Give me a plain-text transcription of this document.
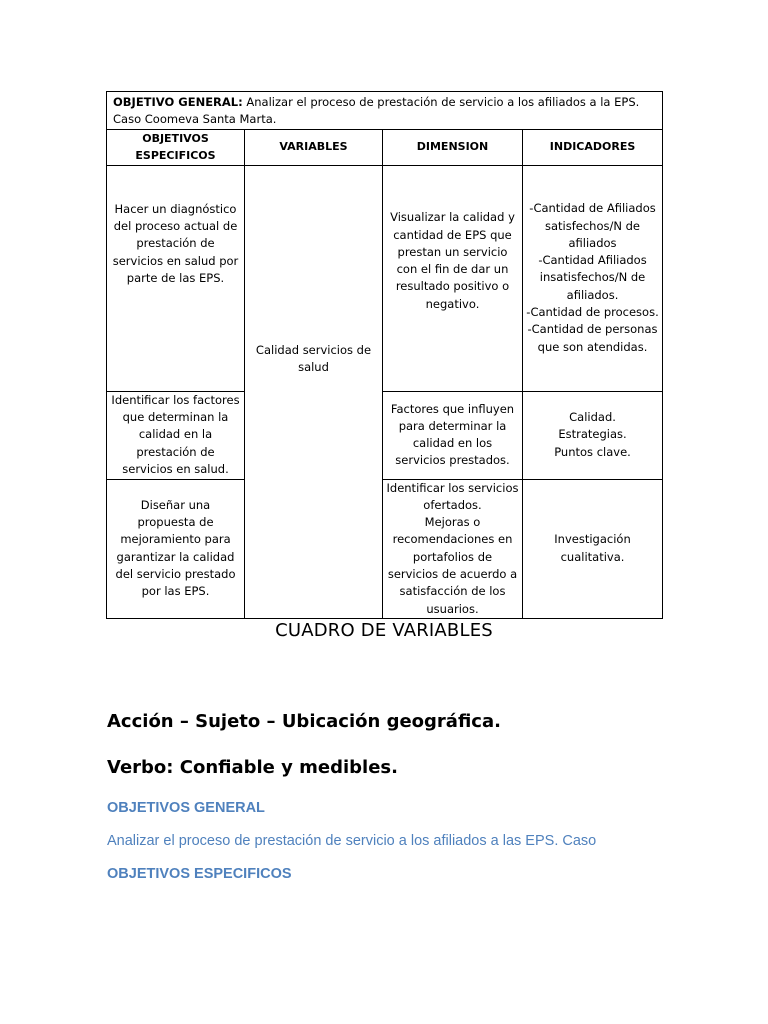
OBJETIVO GENERAL: Analizar el proceso de prestación de servicio a los afiliados a la EPS. Caso Coomeva Santa Marta.			
OBJETIVOS ESPECIFICOS	VARIABLES	DIMENSION	INDICADORES

Hacer un diagnóstico del proceso actual de prestación de servicios en salud por parte de las EPS.	Calidad servicios de salud	Visualizar la calidad y cantidad de EPS que prestan un servicio con el fin de dar un resultado positivo o negativo.	-Cantidad de Afiliados satisfechos/N de afiliados
-Cantidad Afiliados insatisfechos/N de afiliados.
-Cantidad de procesos.
-Cantidad de personas que son atendidas.

Identificar los factores que determinan la calidad en la prestación de servicios en salud.		Factores que influyen para determinar la calidad en los servicios prestados.	Calidad.
Estrategias.
Puntos clave.

Diseñar una propuesta de mejoramiento para garantizar la calidad del servicio prestado por las EPS.		Identificar los servicios ofertados.
Mejoras o recomendaciones en portafolios de servicios de acuerdo a satisfacción de los usuarios.	Investigación cualitativa.
CUADRO DE VARIABLES
Acción – Sujeto – Ubicación geográfica.
Verbo: Confiable y medibles.
OBJETIVOS GENERAL
Analizar el proceso de prestación de servicio a los afiliados a las EPS. Caso
OBJETIVOS ESPECIFICOS
